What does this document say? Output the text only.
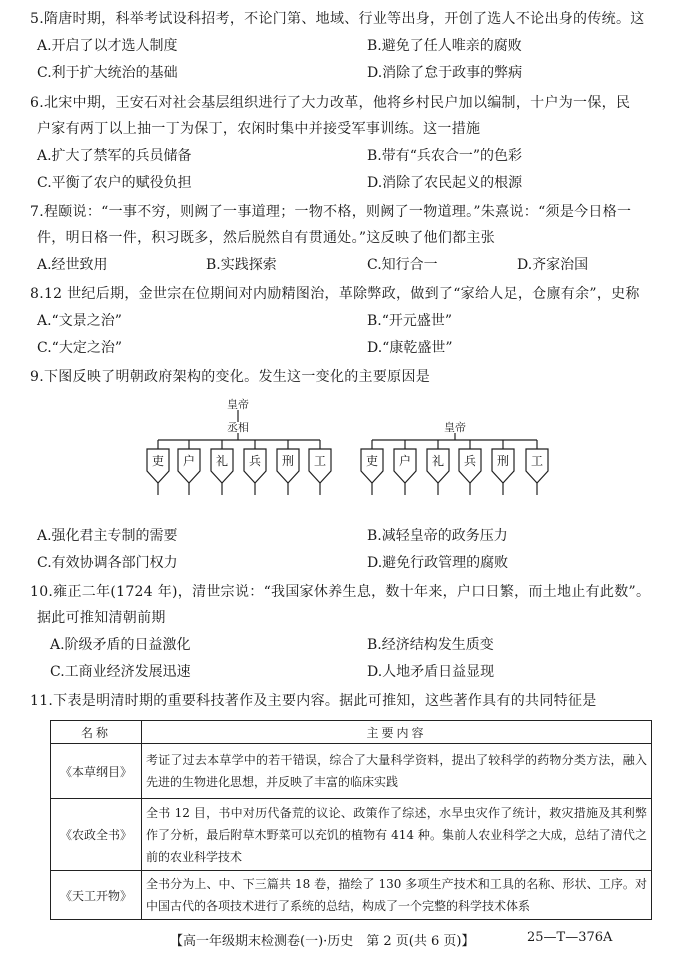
5.隋唐时期，科举考试设科招考，不论门第、地域、行业等出身，开创了选人不论出身的传统。这
A.开启了以才选人制度	B.避免了任人唯亲的腐败
C.利于扩大统治的基础	D.消除了怠于政事的弊病
6.北宋中期，王安石对社会基层组织进行了大力改革，他将乡村民户加以编制，十户为一保，民
户家有两丁以上抽一丁为保丁，农闲时集中并接受军事训练。这一措施
A.扩大了禁军的兵员储备	B.带有“兵农合一”的色彩
C.平衡了农户的赋役负担	D.消除了农民起义的根源
7.程颐说：“一事不穷，则阙了一事道理；一物不格，则阙了一物道理。”朱熹说：“须是今日格一
件，明日格一件，积习既多，然后脱然自有贯通处。”这反映了他们都主张
A.经世致用	B.实践探索	C.知行合一	D.齐家治国
8.12 世纪后期，金世宗在位期间对内励精图治，革除弊政，做到了“家给人足，仓廪有余”，史称
A.“文景之治”	B.“开元盛世”
C.“大定之治”	D.“康乾盛世”
9.下图反映了明朝政府架构的变化。发生这一变化的主要原因是
皇帝
丞相	皇帝
吏 户 礼 兵 刑 工	吏 户 礼 兵 刑 工
A.强化君主专制的需要	B.减轻皇帝的政务压力
C.有效协调各部门权力	D.避免行政管理的腐败
10.雍正二年(1724 年)，清世宗说：“我国家休养生息，数十年来，户口日繁，而土地止有此数”。
据此可推知清朝前期
A.阶级矛盾的日益激化	B.经济结构发生质变
C.工商业经济发展迅速	D.人地矛盾日益显现
11.下表是明清时期的重要科技著作及主要内容。据此可推知，这些著作具有的共同特征是
名称	主要内容
《本草纲目》	考证了过去本草学中的若干错误，综合了大量科学资料，提出了较科学的药物分类方法，融入先进的生物进化思想，并反映了丰富的临床实践
《农政全书》	全书 12 目，书中对历代备荒的议论、政策作了综述，水旱虫灾作了统计，救灾措施及其利弊作了分析，最后附草木野菜可以充饥的植物有 414 种。集前人农业科学之大成，总结了清代之前的农业科学技术
《天工开物》	全书分为上、中、下三篇共 18 卷，描绘了 130 多项生产技术和工具的名称、形状、工序。对中国古代的各项技术进行了系统的总结，构成了一个完整的科学技术体系
【高一年级期末检测卷(一)·历史　第 2 页(共 6 页)】	25—T—376A
